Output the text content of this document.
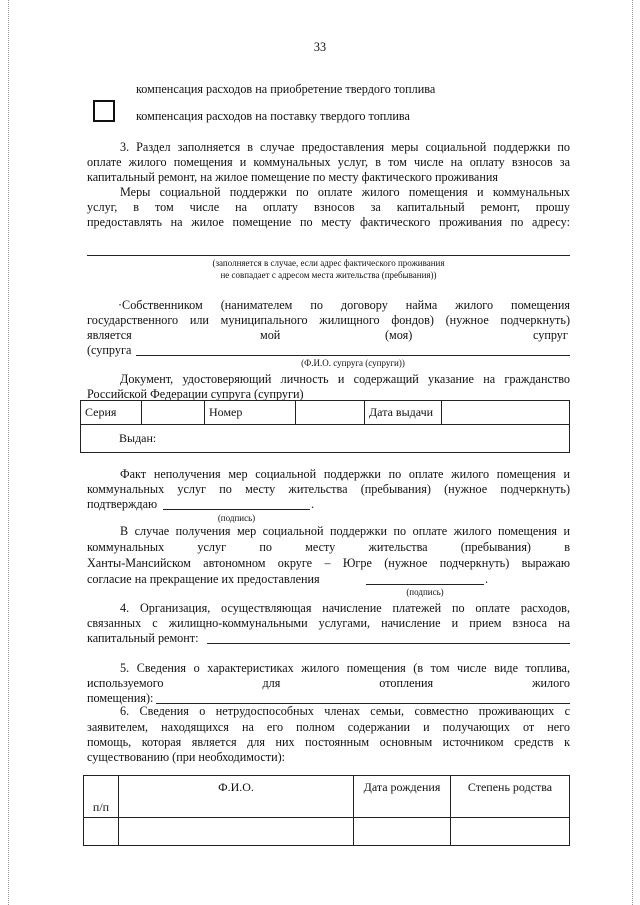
33
компенсация расходов на приобретение твердого топлива
компенсация расходов на поставку твердого топлива
3. Раздел заполняется в случае предоставления меры социальной поддержки по
оплате жилого помещения и коммунальных услуг, в том числе на оплату взносов за
капитальный ремонт, на жилое помещение по месту фактического проживания
Меры социальной поддержки по оплате жилого помещения и коммунальных
услуг, в том числе на оплату взносов за капитальный ремонт, прошу
предоставлять на жилое помещение по месту фактического проживания по адресу:
(заполняется в случае, если адрес фактического проживания
не совпадает с адресом места жительства (пребывания))
·Собственником (нанимателем по договору найма жилого помещения
государственного или муниципального жилищного фондов) (нужное подчеркнуть)
является	мой	(моя)	супруг
(супруга
(Ф.И.О. супруга (супруги))
Документ, удостоверяющий личность и содержащий указание на гражданство
Российской Федерации супруга (супруги)
Серия		Номер		Дата выдачи	
Выдан:
Факт неполучения мер социальной поддержки по оплате жилого помещения и
коммунальных услуг по месту жительства (пребывания) (нужное подчеркнуть)
подтверждаю	.
(подпись)
В случае получения мер социальной поддержки по оплате жилого помещения и
коммунальных услуг по месту жительства (пребывания) в
Ханты-Мансийском автономном округе – Югре (нужное подчеркнуть) выражаю
согласие на прекращение их предоставления	.
(подпись)
4. Организация, осуществляющая начисление платежей по оплате расходов,
связанных с жилищно-коммунальными услугами, начисление и прием взноса на
капитальный ремонт:
5. Сведения о характеристиках жилого помещения (в том числе виде топлива,
используемого для отопления жилого
помещения):
6. Сведения о нетрудоспособных членах семьи, совместно проживающих с
заявителем, находящихся на его полном содержании и получающих от него
помощь, которая является для них постоянным основным источником средств к
существованию (при необходимости):
п/п	Ф.И.О.	Дата рождения	Степень родства
